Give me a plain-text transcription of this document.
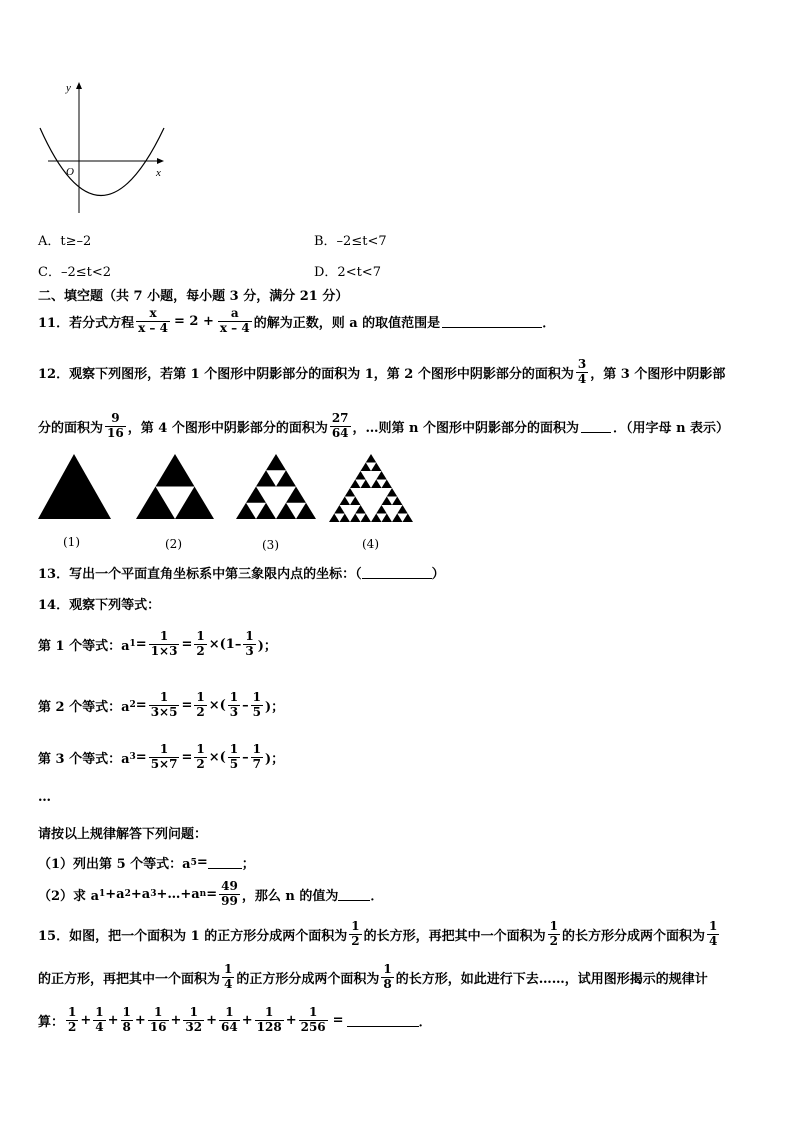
y
x
O
A．t≥–2	B．–2≤t<7
C．–2≤t<2	D．2<t<7
二、填空题（共 7 小题，每小题 3 分，满分 21 分）
11．若分式方程 $\frac{x}{x - 4} = 2 + \frac{a}{x - 4}$ 的解为正数，则 a 的取值范围是	．
12．观察下列图形，若第 1 个图形中阴影部分的面积为 1，第 2 个图形中阴影部分的面积为 $\frac{3}{4}$ ，第 3 个图形中阴影部
分的面积为 $\frac{9}{16}$ ，第 4 个图形中阴影部分的面积为 $\frac{27}{64}$ ，…则第 n 个图形中阴影部分的面积为	．（用字母 n 表示）
(1)	(2)	(3)	(4)
13．写出一个平面直角坐标系中第三象限内点的坐标：（	）
14．观察下列等式：
第 1 个等式：a $1 = \frac{1}{1\times 3} = \frac{1}{2} \times(1- \frac{1}{3}$ )；
第 2 个等式：a $2 = \frac{1}{3\times 5} = \frac{1}{2}$ ×( $\frac{1}{3} - \frac{1}{5}$ )；
第 3 个等式：a $3 = \frac{1}{5\times 7} = \frac{1}{2}$ ×( $\frac{1}{5} - \frac{1}{7}$ )；
…
请按以上规律解答下列问题：
（1）列出第 5 个等式：a 5 =	；
（2）求 a 1 +a 2 +a 3 +…+a $n = \frac{49}{99}$ ，那么 n 的值为 ．
15．如图，把一个面积为 1 的正方形分成两个面积为 $\frac{1}{2}$ 的长方形，再把其中一个面积为 $\frac{1}{2}$ 的长方形分成两个面积为 $\frac{1}{4}$
的正方形，再把其中一个面积为 $\frac{1}{4}$ 的正方形分成两个面积为 $\frac{1}{8}$ 的长方形，如此进行下去……，试用图形揭示的规律计
算： $\frac{1}{2} + \frac{1}{4} + \frac{1}{8} + \frac{1}{16} + \frac{1}{32} + \frac{1}{64} + \frac{1}{128} + \frac{1}{256}$ =	．
